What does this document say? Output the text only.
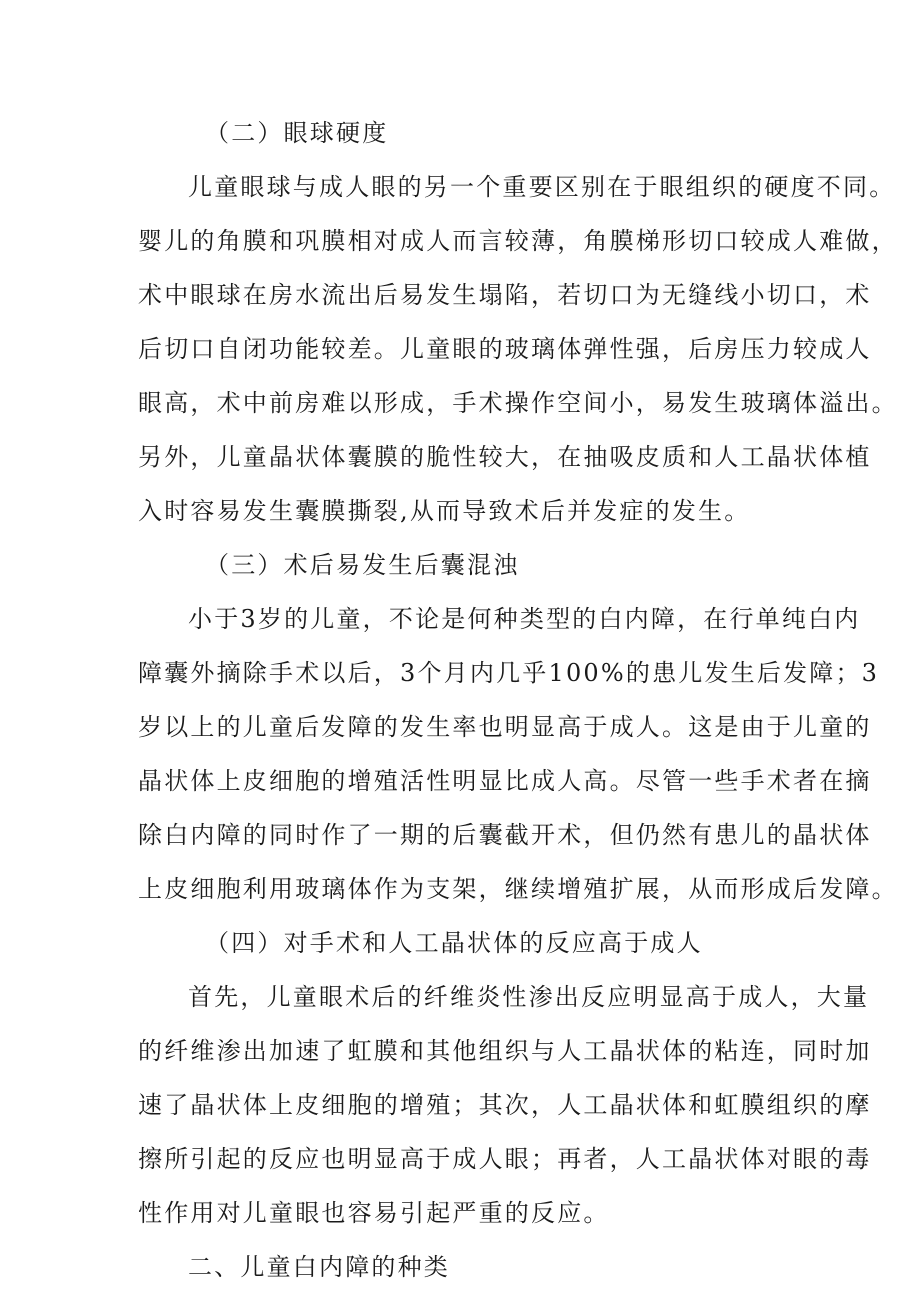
（二）眼球硬度
儿童眼球与成人眼的另一个重要区别在于眼组织的硬度不同。
婴儿的角膜和巩膜相对成人而言较薄，角膜梯形切口较成人难做，
术中眼球在房水流出后易发生塌陷，若切口为无缝线小切口，术
后切口自闭功能较差。儿童眼的玻璃体弹性强，后房压力较成人
眼高，术中前房难以形成，手术操作空间小，易发生玻璃体溢出。
另外，儿童晶状体囊膜的脆性较大，在抽吸皮质和人工晶状体植
入时容易发生囊膜撕裂,从而导致术后并发症的发生。
（三）术后易发生后囊混浊
小于3岁的儿童，不论是何种类型的白内障，在行单纯白内
障囊外摘除手术以后，3个月内几乎100%的患儿发生后发障；3
岁以上的儿童后发障的发生率也明显高于成人。这是由于儿童的
晶状体上皮细胞的增殖活性明显比成人高。尽管一些手术者在摘
除白内障的同时作了一期的后囊截开术，但仍然有患儿的晶状体
上皮细胞利用玻璃体作为支架，继续增殖扩展，从而形成后发障。
（四）对手术和人工晶状体的反应高于成人
首先，儿童眼术后的纤维炎性渗出反应明显高于成人，大量
的纤维渗出加速了虹膜和其他组织与人工晶状体的粘连，同时加
速了晶状体上皮细胞的增殖；其次，人工晶状体和虹膜组织的摩
擦所引起的反应也明显高于成人眼；再者，人工晶状体对眼的毒
性作用对儿童眼也容易引起严重的反应。
二、儿童白内障的种类
